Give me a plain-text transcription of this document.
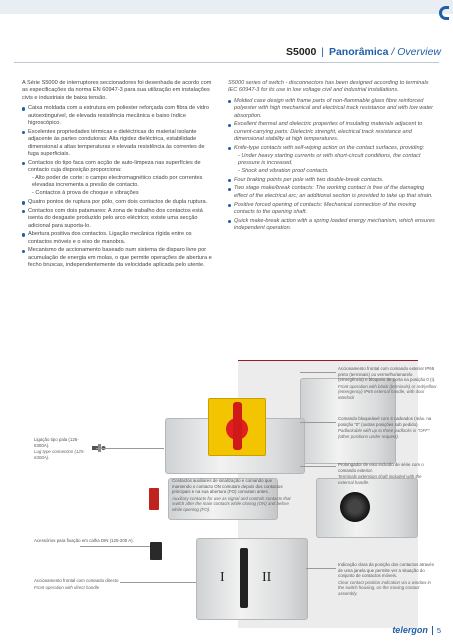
S5000 | Panorâmica / Overview

A Série S5000 de interruptores seccionadores foi desenhada de acordo com as especificações da norma EN 60947-3 para sua utilização em instalações civis e industriais de baixa tensão.

Caixa moldada com a estrutura em poliester reforçada com fibra de vidro autoextinguível, de elevada resistência mecânica e baixo índice higroscópico.
Excelentes propriedades térmicas e dieléctricas do material isolante adjacente às partes condutoras: Alta rigidez dieléctrica, estabilidade dimensional a altas temperaturas e elevada resistência às correntes de fuga superficiais.
Contactos do tipo faca com acção de auto-limpeza nas superfícies de contacto cuja disposição proporciona:
- Alto poder de corte: o campo electromagnético criado por correntes elevadas incrementa a presão de contacto.
- Contactos à prova de choque e vibrações
Quatro pontos de ruptura por pólo, com dois contactos de dupla ruptura.
Contactos com dois patamares: A zona de trabalho dos contactos está isenta do desgaste produzido pelo arco eléctrico; existe uma secção adicional para suporta-lo.
Abertura positiva dos contactos. Ligação mecânica rígida entre os contactos móveis e o eixo de manobra.
Mecanismo de accionamento baseado num sistema de disparo livre por acumulação de energia em molas, o que permite operações de abertura e fecho bruscas, independentemente da velocidade aplicada pelo utente.

S5000 series of switch - disconnectors has been designed according to terminals IEC 60947-3 for its use in low voltage civil and industrial installations.

Molded case design with frame parts of non-flammable glass fibre reinforced polyester with high mechanical and electrical track resistance and with low water absorption.
Excellent thermal and dielectric properties of insulating materials adjacent to current-carrying parts: Dielectric strenght, electrical track resistance and dimensional stability at high temperatures.
Knife-type contacts with self-wiping action on the contact surfaces, providing:
- Under heavy starting currents or with short-circuit conditions, the contact pressure is increased.
- Shock and vibration proof contacts.
Four braking points per pole with two double-break contacts.
Two stage make/break contacts: The working contact is free of the damaging effect of the electrical arc; an additional section is provided to take up that strain.
Positive forced opening of contacts: Mechanical connection of the moving contacts to the opening shaft.
Quick make-break action with a spring loaded energy mechanism, which ensures independent operation.
I	II
Accionamento frontal com comando exterior IP65 preto (terminais) ou vermelho/amarelo (emergência) e bloqueio de porta na posição 0 (I).
Front operation with black (terminals) or red/yellow (emergency) IP65 external handle, with door interlock
Comando bloqueável com 3 cadeados (máx. na posição "0" (outras posições sob pedido).
Padlockable with up to three padlocks in "OFF" (other positions under request).
Prolongador de eixo incluído de série com o comando exterior.
Terminals extension shaft included with the external handle.
Ligação tipo pala (125-6300A).
Lug type connection (125-6300A).
Contactos auxiliares de sinalização e comando que mantendo o contacto ON comutam depois dos contactos principais e na sua abertura (FO) comutam antes.
Auxiliary contacts for use as signal and controls contacts that switch after the main contacts while closing (ON) and before while opening (FO).
Acessórios para fixação em calha DIN (125-200 A).
Accionamento frontal com comando directo
Front operation with direct handle
Indicação clara da posição dos contactos através de uma janela que permite ver a situação do conjunto de contactos móveis.
Clear contact position indication via a window in the switch housing, on the moving contact assembly.
telergon 5
